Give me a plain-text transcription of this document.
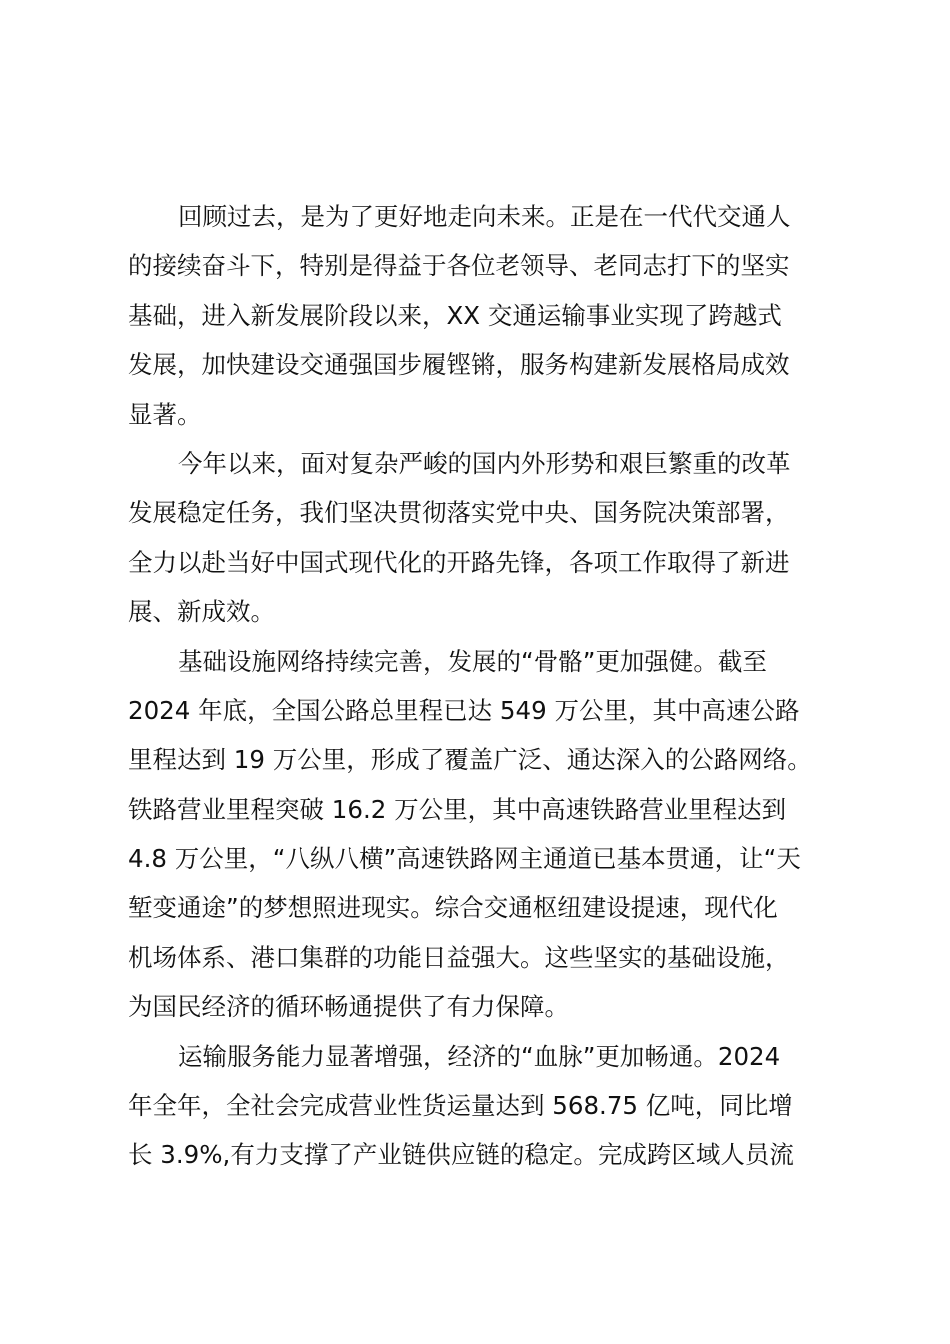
回顾过去，是为了更好地走向未来。正是在一代代交通人
的接续奋斗下，特别是得益于各位老领导、老同志打下的坚实
基础，进入新发展阶段以来，XX 交通运输事业实现了跨越式
发展，加快建设交通强国步履铿锵，服务构建新发展格局成效
显著。
今年以来，面对复杂严峻的国内外形势和艰巨繁重的改革
发展稳定任务，我们坚决贯彻落实党中央、国务院决策部署，
全力以赴当好中国式现代化的开路先锋，各项工作取得了新进
展、新成效。
基础设施网络持续完善，发展的“骨骼”更加强健。截至
2024 年底，全国公路总里程已达 549 万公里，其中高速公路
里程达到 19 万公里，形成了覆盖广泛、通达深入的公路网络。
铁路营业里程突破 16.2 万公里，其中高速铁路营业里程达到
4.8 万公里，“八纵八横”高速铁路网主通道已基本贯通，让“天
堑变通途”的梦想照进现实。综合交通枢纽建设提速，现代化
机场体系、港口集群的功能日益强大。这些坚实的基础设施，
为国民经济的循环畅通提供了有力保障。
运输服务能力显著增强，经济的“血脉”更加畅通。2024
年全年，全社会完成营业性货运量达到 568.75 亿吨，同比增
长 3.9%,有力支撑了产业链供应链的稳定。完成跨区域人员流
